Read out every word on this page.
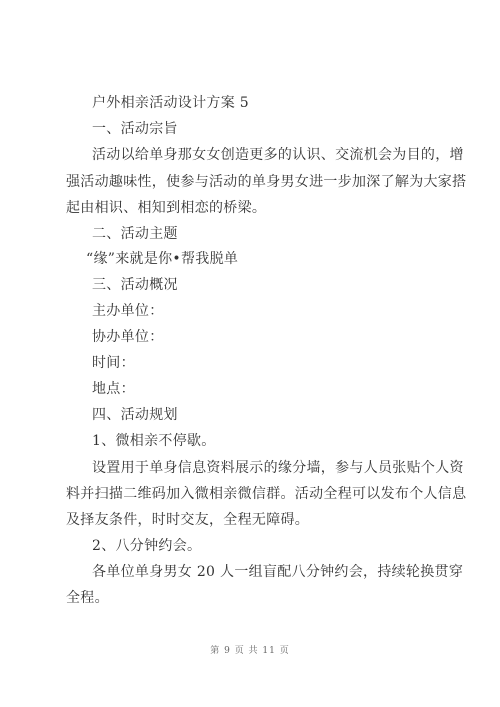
户外相亲活动设计方案 5
一、活动宗旨
活动以给单身那女女创造更多的认识、交流机会为目的，增
强活动趣味性，使参与活动的单身男女进一步加深了解为大家搭
起由相识、相知到相恋的桥梁。
二、活动主题
“缘”来就是你•帮我脱单
三、活动概况
主办单位：
协办单位：
时间：
地点：
四、活动规划
1、微相亲不停歇。
设置用于单身信息资料展示的缘分墙，参与人员张贴个人资
料并扫描二维码加入微相亲微信群。活动全程可以发布个人信息
及择友条件，时时交友，全程无障碍。
2、八分钟约会。
各单位单身男女 20 人一组盲配八分钟约会，持续轮换贯穿
全程。
第 9 页 共 11 页
